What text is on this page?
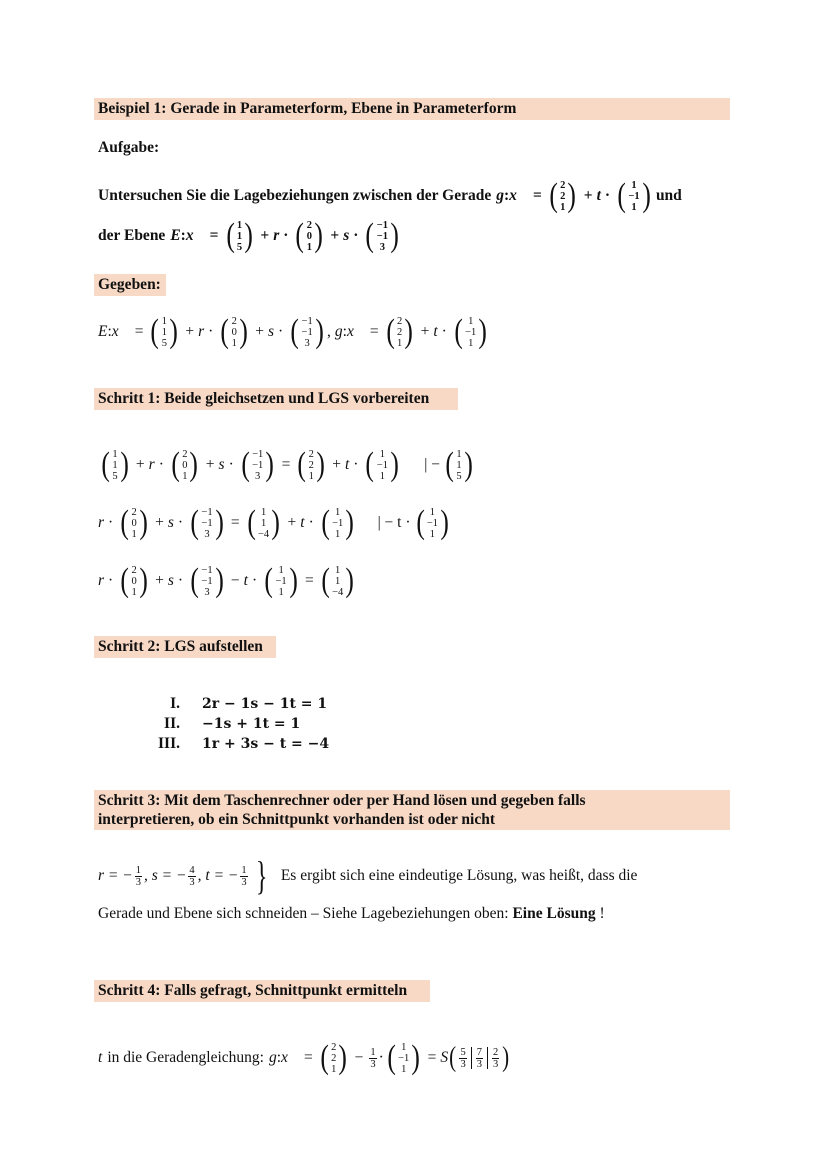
Beispiel 1: Gerade in Parameterform, Ebene in Parameterform
Aufgabe:
Untersuchen Sie die Lagebeziehungen zwischen der Gerade g : x⃗ = ( 2
2
1 ) + t · ( 1
−1
1 ) und
der Ebene E : x⃗ = ( 1
1
5 ) + r · ( 2
0
1 ) + s · ( −1
−1
3 )
Gegeben:
E : x⃗ = ( 1
1
5 ) + r · ( 2
0
1 ) + s · ( −1
−1
3 ) , g : x⃗ = ( 2
2
1 ) + t · ( 1
−1
1 )
Schritt 1: Beide gleichsetzen und LGS vorbereiten
( 1
1
5 ) + r · ( 2
0
1 ) + s · ( −1
−1
3 ) = ( 2
2
1 ) + t · ( 1
−1
1 ) | − ( 1
1
5 )
r · ( 2
0
1 ) + s · ( −1
−1
3 ) = ( 1
1
−4 ) + t · ( 1
−1
1 ) | − t · ( 1
−1
1 )
r · ( 2
0
1 ) + s · ( −1
−1
3 ) − t · ( 1
−1
1 ) = ( 1
1
−4 )
Schritt 2: LGS aufstellen
I.	2r − 1s − 1t = 1
II.	−1s + 1t = 1
III.	1r + 3s − t = −4
Schritt 3: Mit dem Taschenrechner oder per Hand lösen und gegeben falls
interpretieren, ob ein Schnittpunkt vorhanden ist oder nicht
r = − $\frac{1}{3}$ , s = − $\frac{4}{3}$ , t = − $\frac{1}{3}$ } Es ergibt sich eine eindeutige Lösung, was heißt, dass die
Gerade und Ebene sich schneiden – Siehe Lagebeziehungen oben: Eine Lösung !
Schritt 4: Falls gefragt, Schnittpunkt ermitteln
t in die Geradengleichung: g : x⃗ = ( 2
2
1 ) − $\frac{1}{3}$ · ( 1
−1
1 ) = S ( $\frac{5}{3} \frac{7}{3} \frac{2}{3}$ )
